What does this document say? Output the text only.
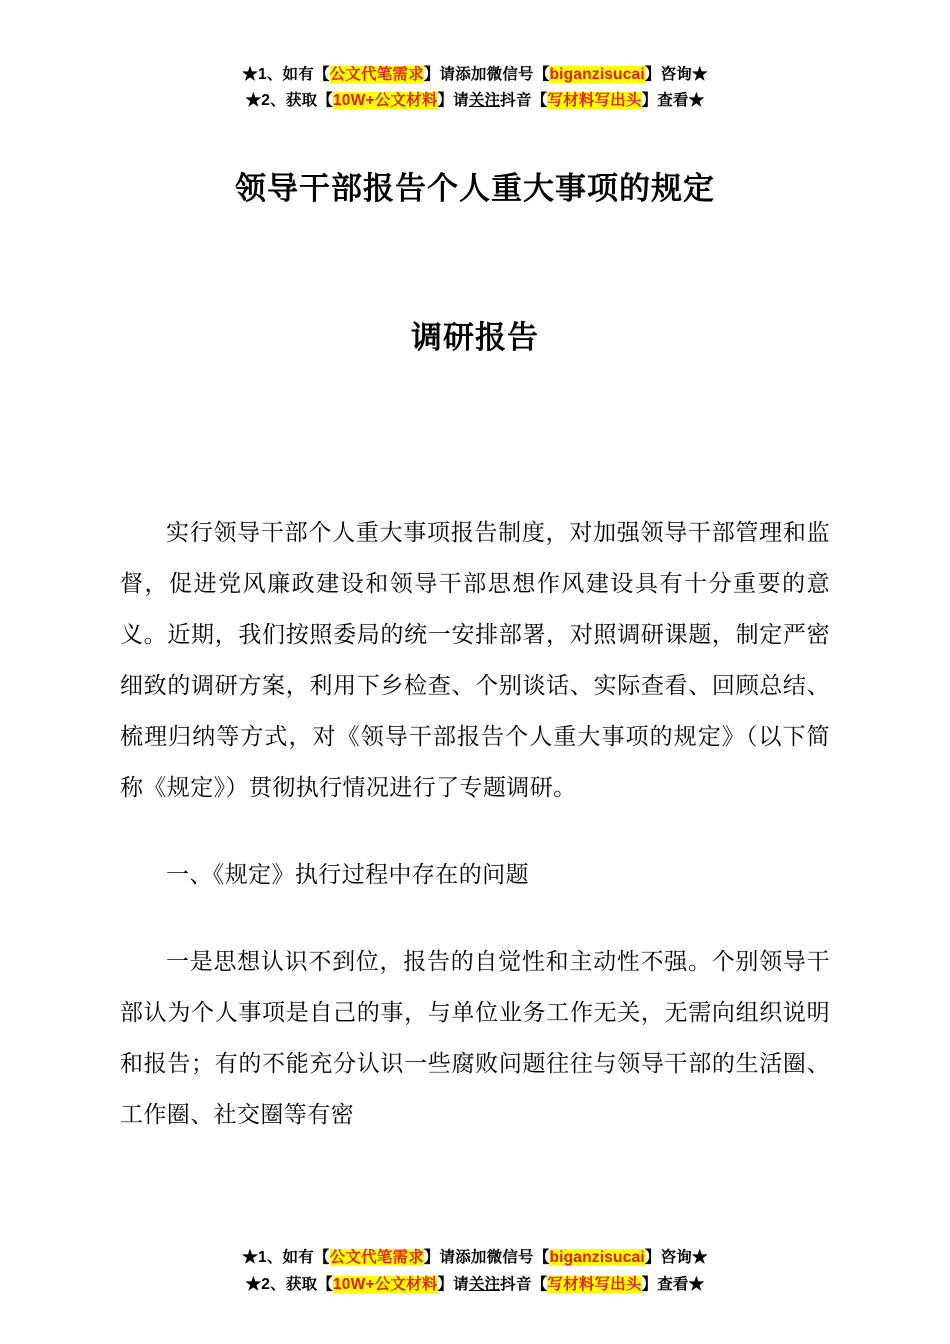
★1、如有【公文代笔需求】请添加微信号【biganzisucai】咨询★
★2、获取【10W+公文材料】请关注抖音【写材料写出头】查看★
领导干部报告个人重大事项的规定
调研报告

实行领导干部个人重大事项报告制度，对加强领导干部管理和监督，促进党风廉政建设和领导干部思想作风建设具有十分重要的意义。近期，我们按照委局的统一安排部署，对照调研课题，制定严密细致的调研方案，利用下乡检查、个别谈话、实际查看、回顾总结、梳理归纳等方式，对《领导干部报告个人重大事项的规定》（以下简称《规定》）贯彻执行情况进行了专题调研。

一、《规定》执行过程中存在的问题

一是思想认识不到位，报告的自觉性和主动性不强。个别领导干部认为个人事项是自己的事，与单位业务工作无关，无需向组织说明和报告；有的不能充分认识一些腐败问题往往与领导干部的生活圈、工作圈、社交圈等有密

★1、如有【公文代笔需求】请添加微信号【biganzisucai】咨询★
★2、获取【10W+公文材料】请关注抖音【写材料写出头】查看★
